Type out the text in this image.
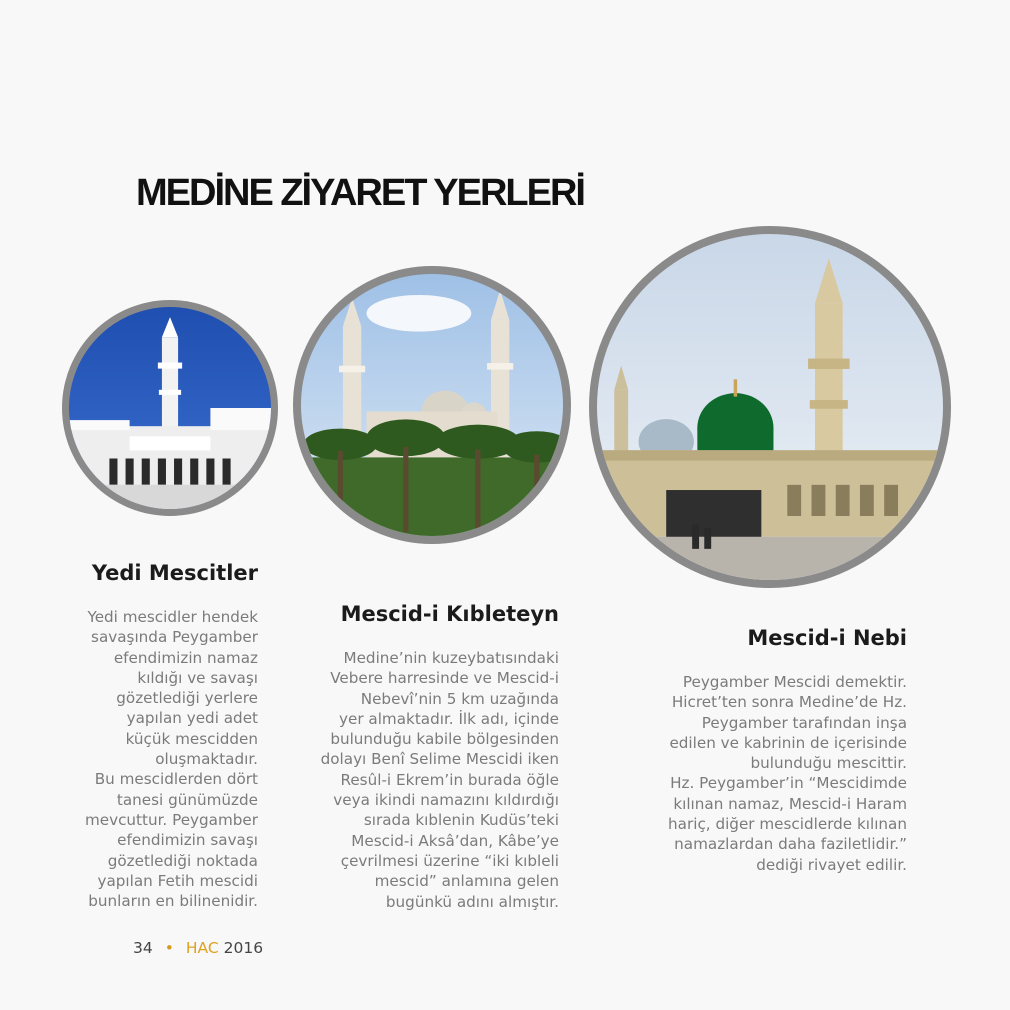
MEDİNE ZİYARET YERLERİ
Yedi Mescitler

Yedi mescidler hendek
savaşında Peygamber
efendimizin namaz
kıldığı ve savaşı
gözetlediği yerlere
yapılan yedi adet
küçük mescidden
oluşmaktadır.
Bu mescidlerden dört
tanesi günümüzde
mevcuttur. Peygamber
efendimizin savaşı
gözetlediği noktada
yapılan Fetih mescidi
bunların en bilinenidir.

Mescid-i Kıbleteyn

Medine’nin kuzeybatısındaki
Vebere harresinde ve Mescid-i
Nebevî’nin 5 km uzağında
yer almaktadır. İlk adı, içinde
bulunduğu kabile bölgesinden
dolayı Benî Selime Mescidi iken
Resûl-i Ekrem’in burada öğle
veya ikindi namazını kıldırdığı
sırada kıblenin Kudüs’teki
Mescid-i Aksâ’dan, Kâbe’ye
çevrilmesi üzerine “iki kıbleli
mescid” anlamına gelen
bugünkü adını almıştır.

Mescid-i Nebi

Peygamber Mescidi demektir.
Hicret’ten sonra Medine’de Hz.
Peygamber tarafından inşa
edilen ve kabrinin de içerisinde
bulunduğu mescittir.
Hz. Peygamber’in “Mescidimde
kılınan namaz, Mescid-i Haram
hariç, diğer mescidlerde kılınan
namazlardan daha faziletlidir.”
dediği rivayet edilir.

34 • HAC 2016
